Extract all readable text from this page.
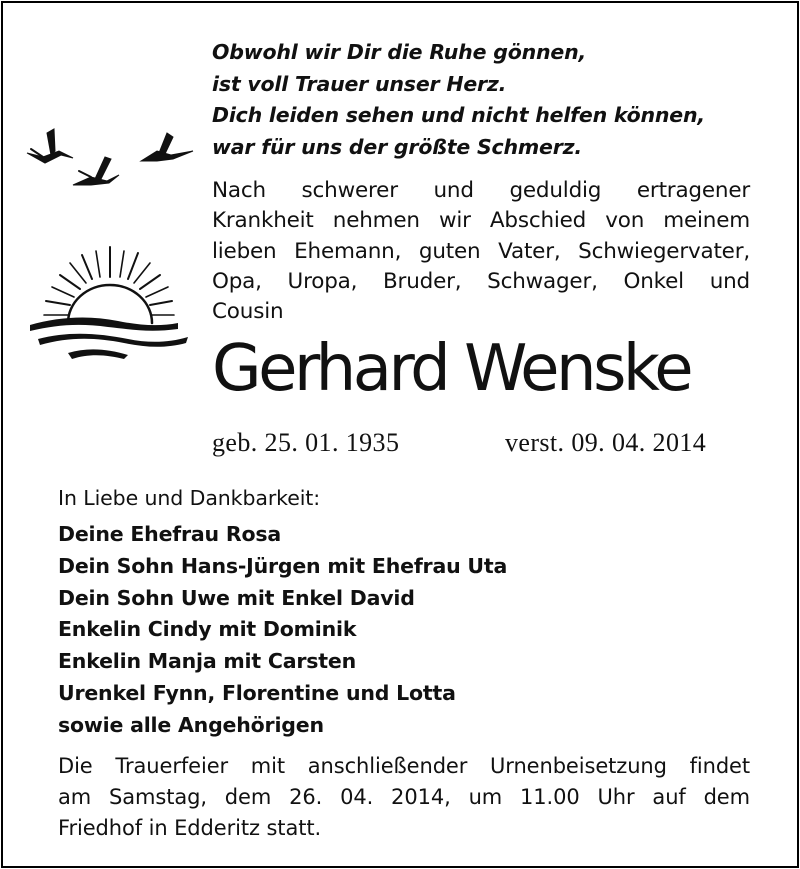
Obwohl wir Dir die Ruhe gönnen,
ist voll Trauer unser Herz.
Dich leiden sehen und nicht helfen können,
war für uns der größte Schmerz.
Nach schwerer und geduldig ertragener
Krankheit nehmen wir Abschied von meinem
lieben Ehemann, guten Vater, Schwiegervater,
Opa, Uropa, Bruder, Schwager, Onkel und
Cousin
Gerhard Wenske
geb. 25. 01. 1935	verst. 09. 04. 2014
In Liebe und Dankbarkeit:
Deine Ehefrau Rosa
Dein Sohn Hans-Jürgen mit Ehefrau Uta
Dein Sohn Uwe mit Enkel David
Enkelin Cindy mit Dominik
Enkelin Manja mit Carsten
Urenkel Fynn, Florentine und Lotta
sowie alle Angehörigen
Die Trauerfeier mit anschließender Urnenbeisetzung findet
am Samstag, dem 26. 04. 2014, um 11.00 Uhr auf dem
Friedhof in Edderitz statt.
